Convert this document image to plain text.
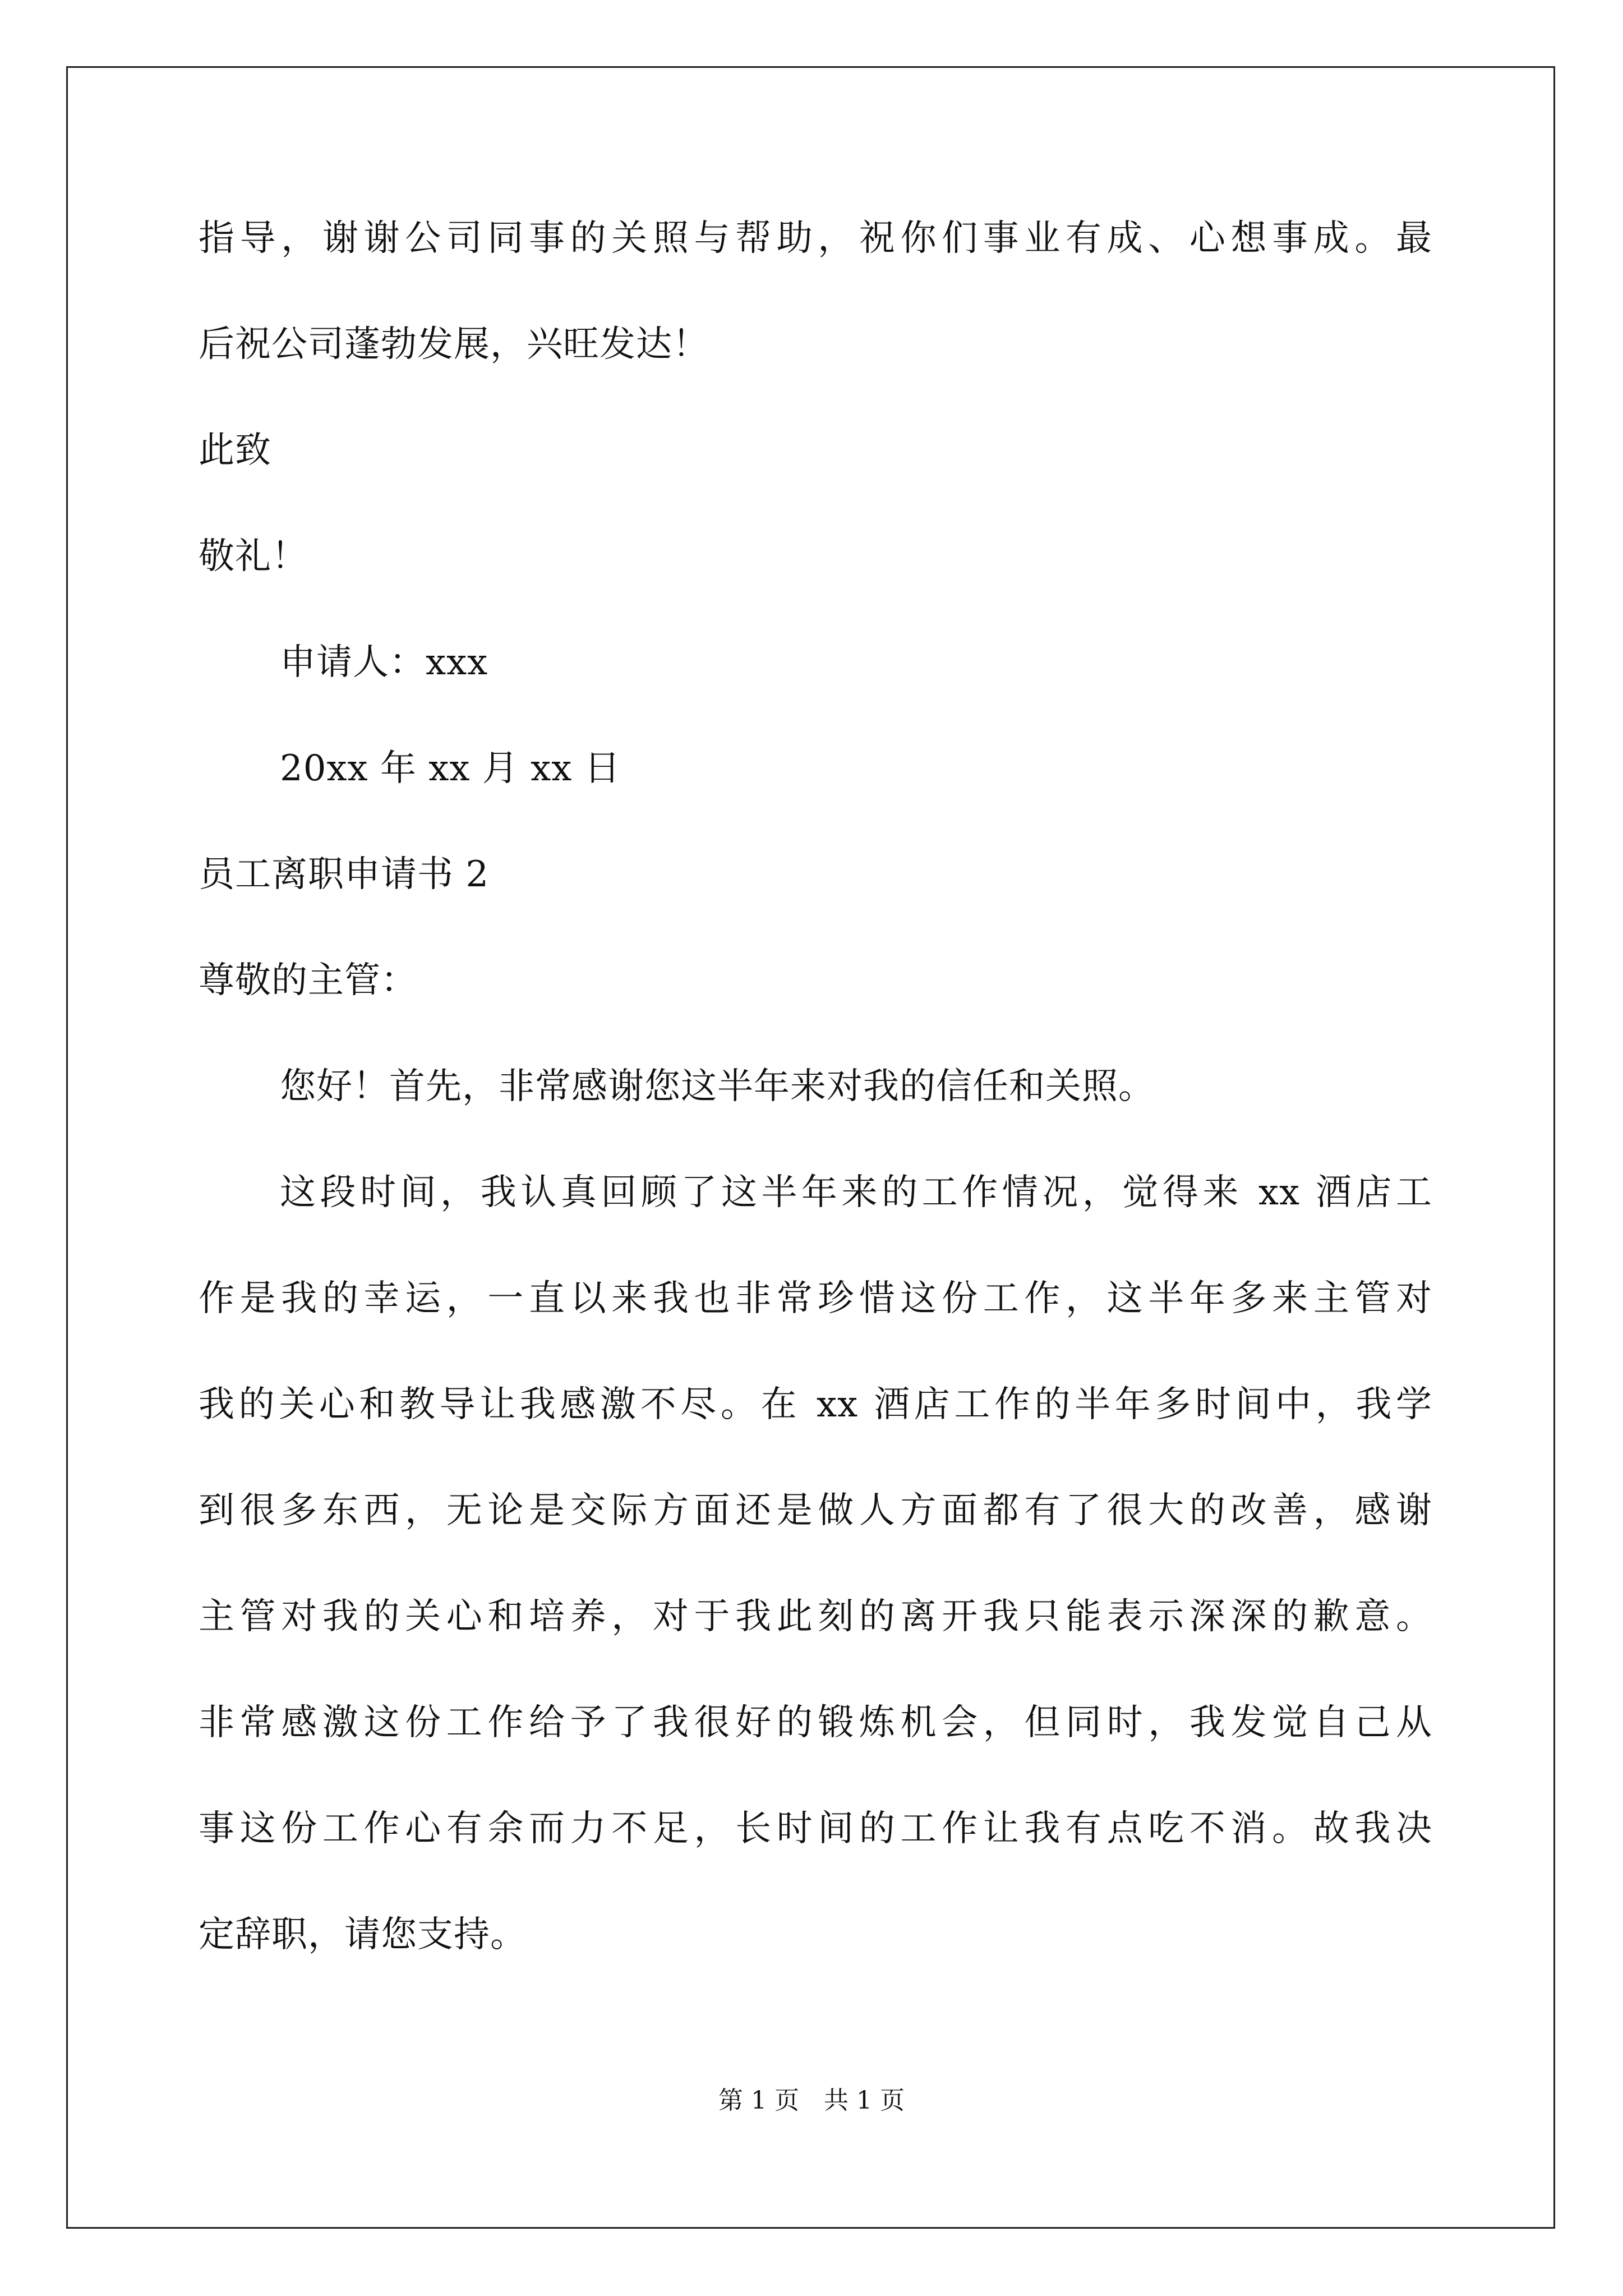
指导，谢谢公司同事的关照与帮助，祝你们事业有成、心想事成。最
后祝公司蓬勃发展，兴旺发达！
此致
敬礼！
申请人：xxx
20xx 年 xx 月 xx 日
员工离职申请书 2
尊敬的主管：
您好！首先，非常感谢您这半年来对我的信任和关照。
这段时间，我认真回顾了这半年来的工作情况，觉得来 xx 酒店工
作是我的幸运，一直以来我也非常珍惜这份工作，这半年多来主管对
我的关心和教导让我感激不尽。在 xx 酒店工作的半年多时间中，我学
到很多东西，无论是交际方面还是做人方面都有了很大的改善，感谢
主管对我的关心和培养，对于我此刻的离开我只能表示深深的歉意。
非常感激这份工作给予了我很好的锻炼机会，但同时，我发觉自己从
事这份工作心有余而力不足，长时间的工作让我有点吃不消。故我决
定辞职，请您支持。
第 1 页　共 1 页
